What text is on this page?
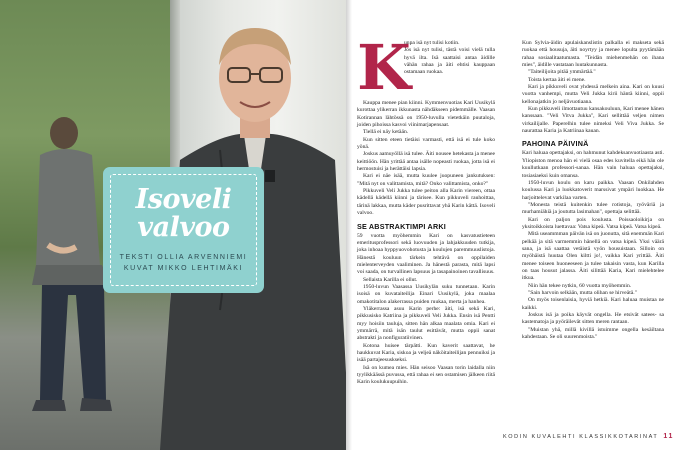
Isoveli
valvoo
TEKSTI OLLIA ARVENNIEMI
KUVAT MIKKO LEHTIMÄKI
K

unpa isä nyt tulisi kotiin.

Jos isä nyt tulisi, tästä voisi vielä tulla hyvä ilta. Isä saattaisi antaa äidille vähän rahaa ja äiti ehtisi kauppaan ostamaan ruokaa.

Kauppa menee pian kiinni. Kymmenvuotias Kari Uusikylä kurottaa ylikerran ikkunasta nähdäkseen pidemmälle. Vaasan Kotirannan lähtössä on 1950-luvulla vietetkäin puutaloja, joiden pihoissa kasvoi viinimarjapensaat.

Tiellä ei näy ketään.

Kun sitten eteen tietäisi varmasti, että isä ei tule koko yönä.

Joskus aamuyöllä isä tulee. Äiti nousee hetekasta ja menee keittiöön. Hän yrittää antaa isälle nopeasti ruokaa, jotta isä ei hermostuisi ja herättäisi lapsia.

Kari ei näe isää, mutta kuulee juopuneen jankutuksen: "Mitä nyt on valittamista, mitä? Onko valittamista, onko?"

Pikkuveli Veli Jukka tulee peiton alla Karin viereen, ottaa kädellä kädellä kiinni ja tärisee. Kun pikkuveli rauhoittaa, tärinä lakkaa, mutta käder pusrittavat yhä Karin kättä. Isoveli valvoo.

SE ABSTRAKTIMPI ARKI

59 vuotta myöhemmin Kari on kasvatustieteen emeritusprofessori sekä luovuuden ja lahjakkuuden tutkija, joka inhoaa hyppyuovohotusta ja koulujen paremmuuslistoja. Hänestä kouluun tärkein tehtävä on oppilaiden mielenterveyden vaaliminen. Ja hänestä parasta, mitä lapsi voi saada, on turvallinen lapsuus ja tasapainoinen tavallisuus.

Sellaista Karilla ei ollut.

1950-luvun Vaasassa Uusikylän suku tunnetaan. Karin isoisä on kuvataiteilija Einari Uusikylä, joka maalaa omakotitalon alakerrassa puiden ruukaa, merta ja hanhea.

Yläkerrassa asuu Karin perhe: äiti, isä sekä Kari, pikkusisko Katriina ja pikkuveli Veli Jukka. Ensin isä Pentti myy hoisiin tauluja, sitten hän alkaa maalata omia. Kari ei ymmärrä, mitä isän taulut esittävät, mutta oppii sanat abstrakti ja nonfiguratiivinen.

Kotona huisee tärpätti. Kun kaverit saattavat, he haukkuvat Karia, siskoa ja veljeä näköitaiteilijan pennuiksi ja isää partajeesuskseksi.

Isä on kumea mies. Hän seisoo Vaasan torin laidalla niin tyylikkäässä puvussa, että rahaa ei sen ostamisen jälkeen riitä Karin koulukuupuihin.

Kun Sylvia-äidin apulaiskanslistin palkalla ei makseta sekä ruokaa että housuja, äiti noyrtyy ja menee lopulta pyytämään rahaa sosiaalitaatumasta. "Teidän miehenmehän on ihana mies", äidille vastataan luutakunnasta.

"Taiteilijoita pitää ymmärtää."

Toista kertaa äiti ei mene.

Kari ja pikkuveli ovat yhdessä melkein aina. Kari on kuusi vuotta vanhempi, mutta Veli Jukka kirii häntä kiinni, oppii kellonajatkin jo neljävuotiaana.

Kun pikkuveli ilmottautuu kansakouluun, Kari menee hänen kanssaan. "Veli Vitva Jukka", Kari sellittää veljen nimen virkailijalle. Paperelhin tulee nimeksi Veli Viva Jukka. Se naurattaa Karia ja Katriinaa kauan.

PAHOINA PÄIVINÄ

Kari haluaa opettajaksi, on hahmunut kahdeksanvuotiaasta asti. Yliopiston menoa hän ei vielä osaa edes kuvitella eikä hän ole kuullutkaan professori-sanaa. Hän vain haluaa opettajaksi, tosiasiaeksi kuin omansa.

1950-luvun koulu on karu paikka. Vaasan Onkilahden koulussa Kari ja luokkatoverit marssivat ympäri luokkaa. He harjoittelevat varkilaa varten.

"Monesta teistä kuitenkin tulee rotistoja, ryöväriä ja murhamiähiä ja joututta lasimahan", opettaja selittää.

Kari on paljon pois koulusta. Poissaoloikirja on yksitoikkoista luettavaa: Vatsa kipeä. Vatsa kipeä. Vatsa kipeä.

Mitä useammman päivän isä on juonutta, sitä enemmän Kari pelkää ja sitä varmemmin hänellä on vatsa kipeä. Yksi väärä sana, ja isä saattaa vetäistä vyön housuistaan. Silloin on myöhäistä huutaa Olen kiltti jo!, vaikka Kari yrittää. Äiti menee toiseen huoneeseen ja tulee takaisin vasta, kun Karilla on taas housut jalassa. Äiti silittää Karia, Kari mielehtelee itkua.

Niin hän tekee nytkin, 60 vuotta myöhemmin.

"Sain harvoin selkään, mutta olihan se hirveätä."

On myös toisenlaisia, hyviä hetkiä. Kari haluaa muistaa ne kaikki.

Joskus isä ja poika käyvät ongella. He etsivät satees- sa kastematoja ja pyöräilevät sitten meren rantaan.

"Muistan yhä, millä kivillä istuimme ongella kesäiltana kahdestaan. Se oli suurenmoista."

KODIN KUVALEHTI KLASSIKKOTARINAT 11
